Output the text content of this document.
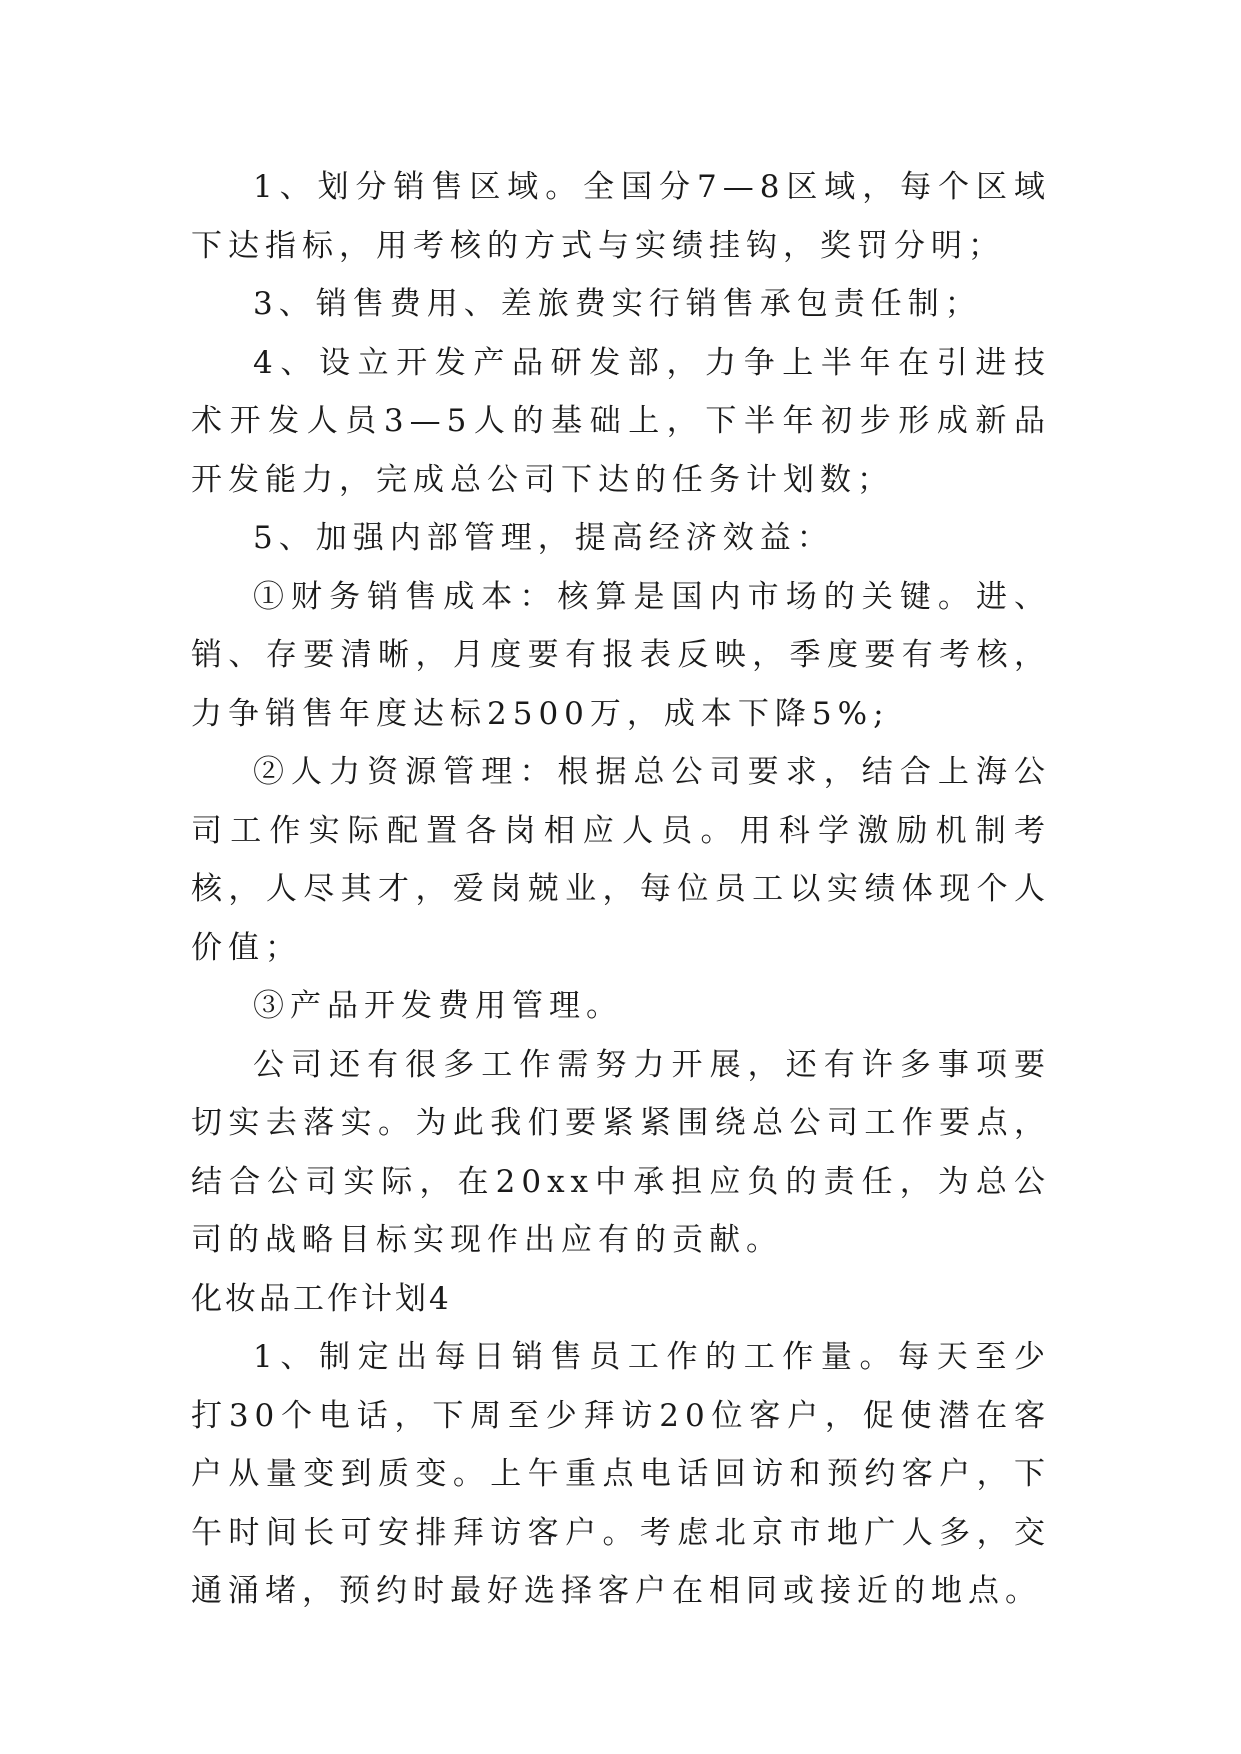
1、划分销售区域。全国分7—8区域，每个区域下达指标，用考核的方式与实绩挂钩，奖罚分明；

3、销售费用、差旅费实行销售承包责任制；

4、设立开发产品研发部，力争上半年在引进技术开发人员3—5人的基础上，下半年初步形成新品开发能力，完成总公司下达的任务计划数；

5、加强内部管理，提高经济效益：

①财务销售成本：核算是国内市场的关键。进、销、存要清晰，月度要有报表反映，季度要有考核，力争销售年度达标2500万，成本下降5%;

②人力资源管理：根据总公司要求，结合上海公司工作实际配置各岗相应人员。用科学激励机制考核，人尽其才，爱岗兢业，每位员工以实绩体现个人价值；

③产品开发费用管理。

公司还有很多工作需努力开展，还有许多事项要切实去落实。为此我们要紧紧围绕总公司工作要点，结合公司实际，在20xx中承担应负的责任，为总公司的战略目标实现作出应有的贡献。

化妆品工作计划4

1、制定出每日销售员工作的工作量。每天至少打30个电话，下周至少拜访20位客户，促使潜在客户从量变到质变。上午重点电话回访和预约客户，下午时间长可安排拜访客户。考虑北京市地广人多，交通涌堵，预约时最好选择客户在相同或接近的地点。
